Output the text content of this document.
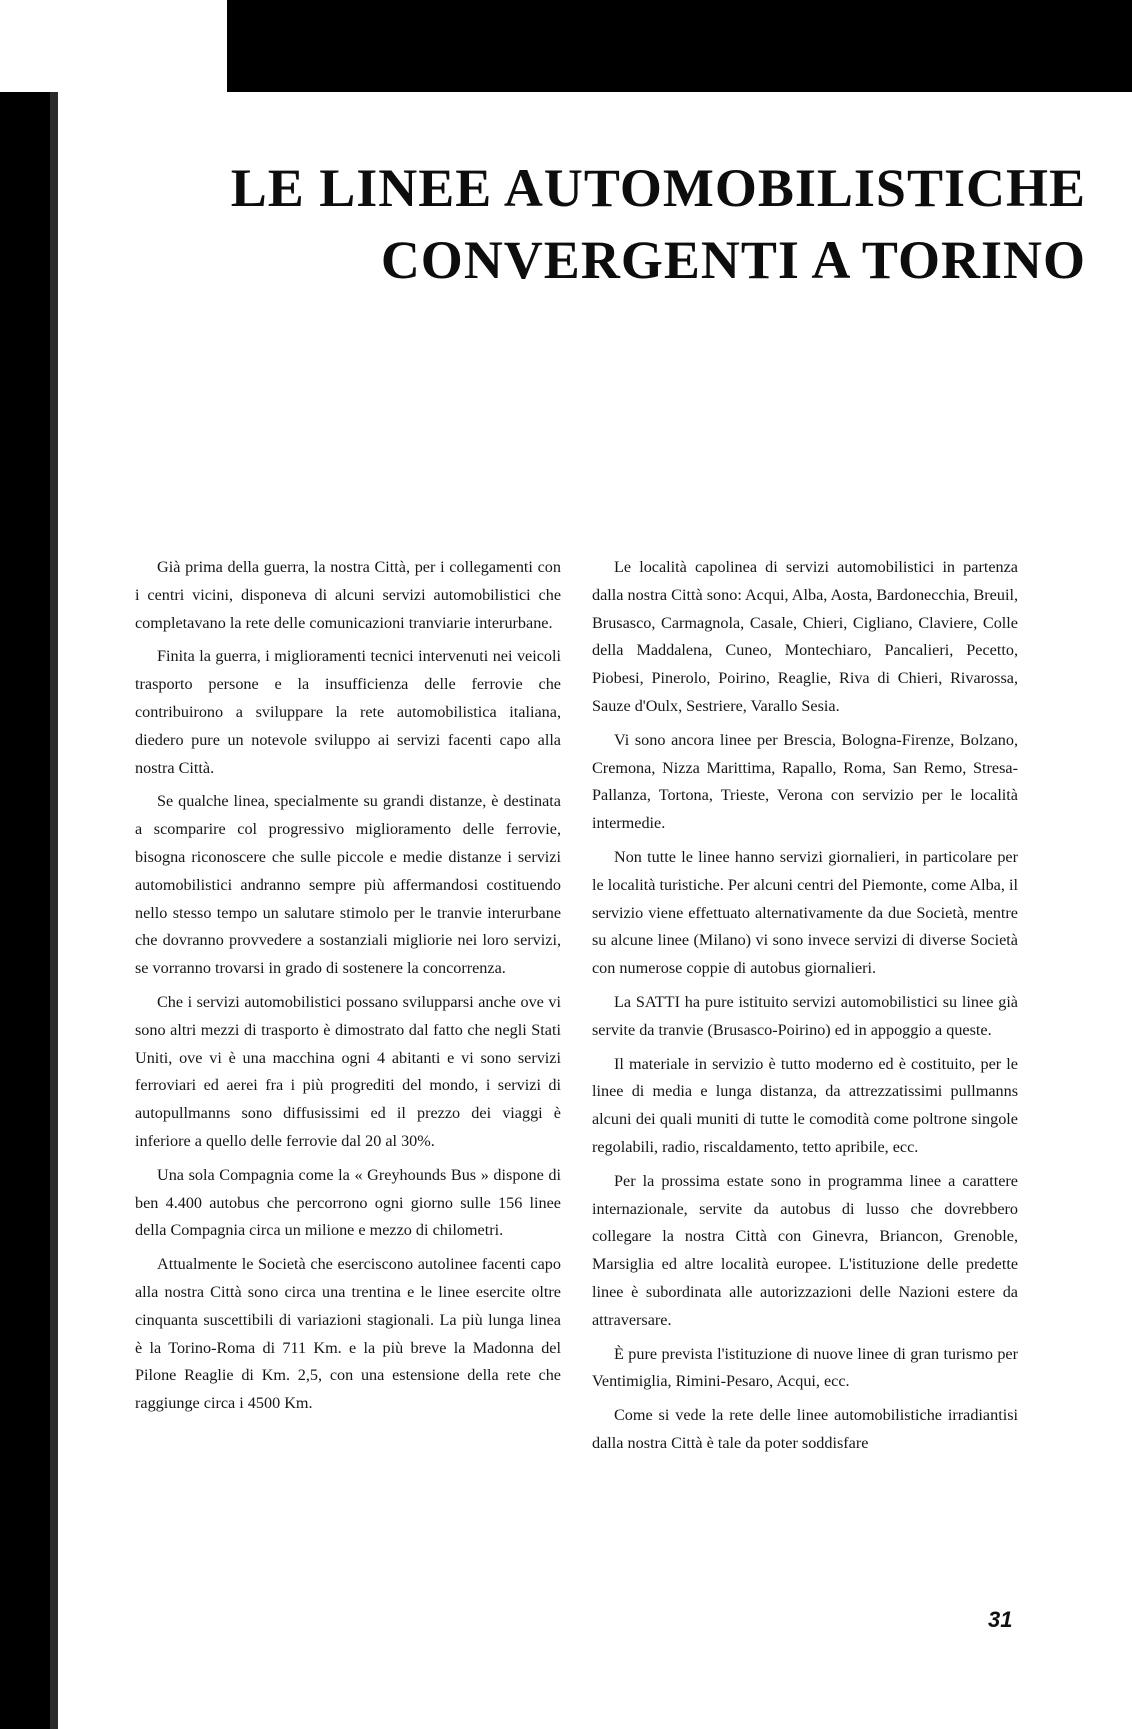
LE LINEE AUTOMOBILISTICHE
CONVERGENTI A TORINO

Già prima della guerra, la nostra Città, per i collegamenti con i centri vicini, disponeva di alcuni servizi automobilistici che completavano la rete delle comunicazioni tranviarie interurbane.

Finita la guerra, i miglioramenti tecnici intervenuti nei veicoli trasporto persone e la insufficienza delle ferrovie che contribuirono a sviluppare la rete automobilistica italiana, diedero pure un notevole sviluppo ai servizi facenti capo alla nostra Città.

Se qualche linea, specialmente su grandi distanze, è destinata a scomparire col progressivo miglioramento delle ferrovie, bisogna riconoscere che sulle piccole e medie distanze i servizi automobilistici andranno sempre più affermandosi costituendo nello stesso tempo un salutare stimolo per le tranvie interurbane che dovranno provvedere a sostanziali migliorie nei loro servizi, se vorranno trovarsi in grado di sostenere la concorrenza.

Che i servizi automobilistici possano svilupparsi anche ove vi sono altri mezzi di trasporto è dimostrato dal fatto che negli Stati Uniti, ove vi è una macchina ogni 4 abitanti e vi sono servizi ferroviari ed aerei fra i più progrediti del mondo, i servizi di autopullmanns sono diffusissimi ed il prezzo dei viaggi è inferiore a quello delle ferrovie dal 20 al 30%.

Una sola Compagnia come la « Greyhounds Bus » dispone di ben 4.400 autobus che percorrono ogni giorno sulle 156 linee della Compagnia circa un milione e mezzo di chilometri.

Attualmente le Società che eserciscono autolinee facenti capo alla nostra Città sono circa una trentina e le linee esercite oltre cinquanta suscettibili di variazioni stagionali. La più lunga linea è la Torino-Roma di 711 Km. e la più breve la Madonna del Pilone Reaglie di Km. 2,5, con una estensione della rete che raggiunge circa i 4500 Km.

Le località capolinea di servizi automobilistici in partenza dalla nostra Città sono: Acqui, Alba, Aosta, Bardonecchia, Breuil, Brusasco, Carmagnola, Casale, Chieri, Cigliano, Claviere, Colle della Maddalena, Cuneo, Montechiaro, Pancalieri, Pecetto, Piobesi, Pinerolo, Poirino, Reaglie, Riva di Chieri, Rivarossa, Sauze d'Oulx, Sestriere, Varallo Sesia.

Vi sono ancora linee per Brescia, Bologna-Firenze, Bolzano, Cremona, Nizza Marittima, Rapallo, Roma, San Remo, Stresa-Pallanza, Tortona, Trieste, Verona con servizio per le località intermedie.

Non tutte le linee hanno servizi giornalieri, in particolare per le località turistiche. Per alcuni centri del Piemonte, come Alba, il servizio viene effettuato alternativamente da due Società, mentre su alcune linee (Milano) vi sono invece servizi di diverse Società con numerose coppie di autobus giornalieri.

La SATTI ha pure istituito servizi automobilistici su linee già servite da tranvie (Brusasco-Poirino) ed in appoggio a queste.

Il materiale in servizio è tutto moderno ed è costituito, per le linee di media e lunga distanza, da attrezzatissimi pullmanns alcuni dei quali muniti di tutte le comodità come poltrone singole regolabili, radio, riscaldamento, tetto apribile, ecc.

Per la prossima estate sono in programma linee a carattere internazionale, servite da autobus di lusso che dovrebbero collegare la nostra Città con Ginevra, Briancon, Grenoble, Marsiglia ed altre località europee. L'istituzione delle predette linee è subordinata alle autorizzazioni delle Nazioni estere da attraversare.

È pure prevista l'istituzione di nuove linee di gran turismo per Ventimiglia, Rimini-Pesaro, Acqui, ecc.

Come si vede la rete delle linee automobilistiche irradiantisi dalla nostra Città è tale da poter soddisfare

31
